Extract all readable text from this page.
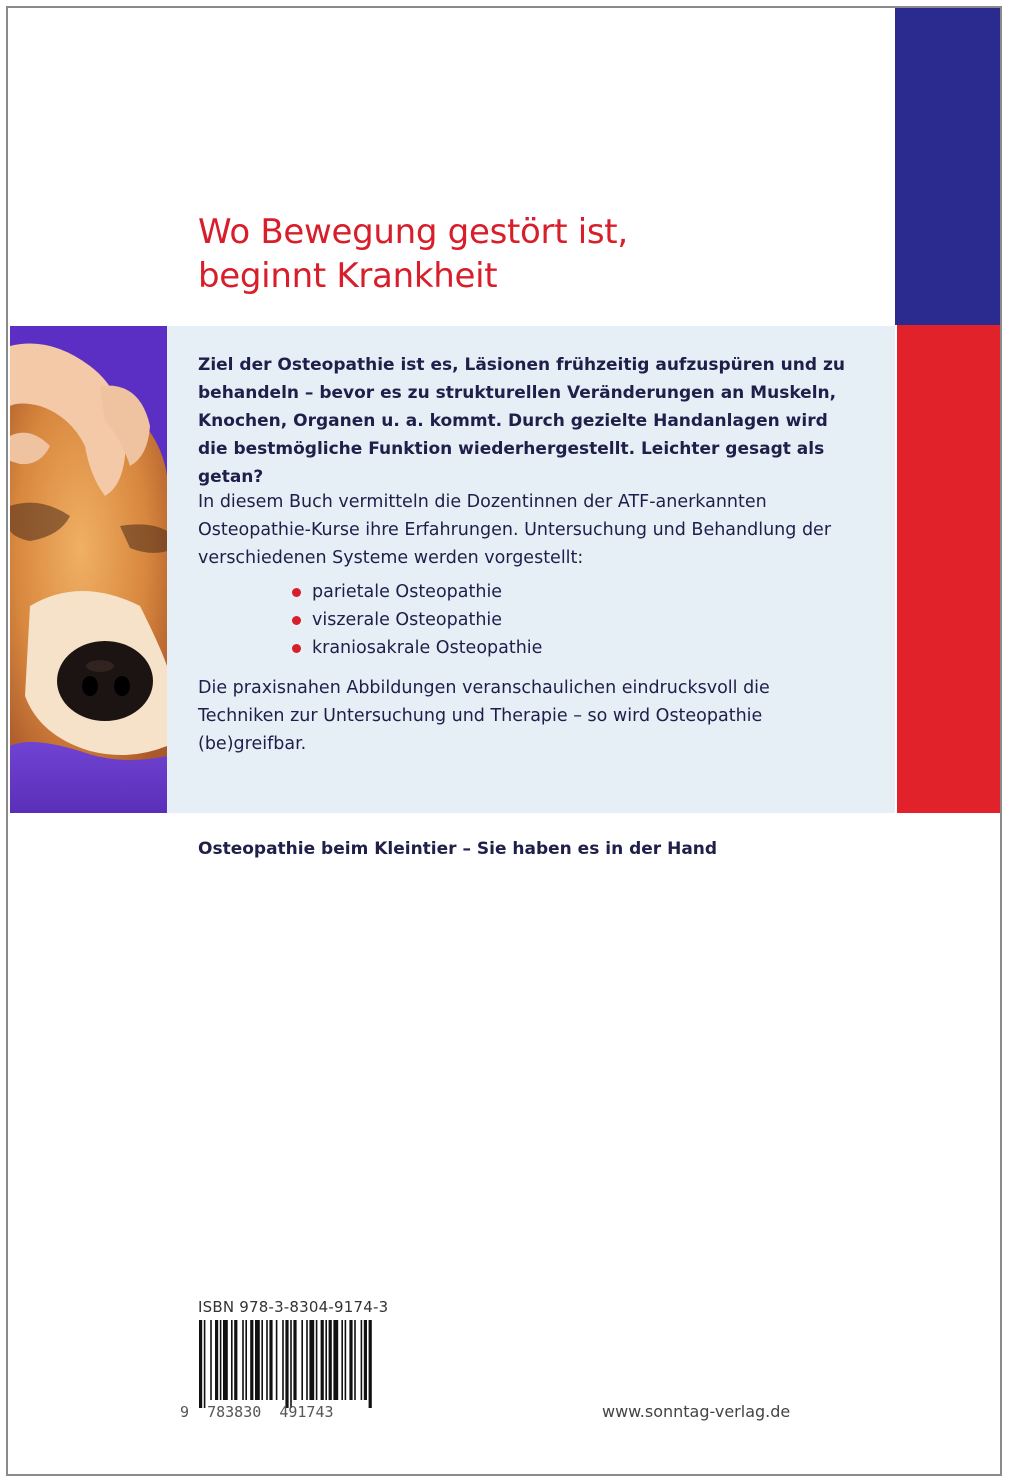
Wo Bewegung gestört ist,
beginnt Krankheit

Ziel der Osteopathie ist es, Läsionen frühzeitig aufzuspüren und zu behandeln – bevor es zu strukturellen Veränderungen an Muskeln, Knochen, Organen u. a. kommt. Durch gezielte Handanlagen wird die bestmögliche Funktion wiederhergestellt. Leichter gesagt als getan?

In diesem Buch vermitteln die Dozentinnen der ATF-anerkannten Osteopathie-Kurse ihre Erfahrungen. Untersuchung und Behandlung der verschiedenen Systeme werden vorgestellt:

parietale Osteopathie
viszerale Osteopathie
kraniosakrale Osteopathie

Die praxisnahen Abbildungen veranschaulichen eindrucksvoll die Techniken zur Untersuchung und Therapie – so wird Osteopathie (be)greifbar.

Osteopathie beim Kleintier – Sie haben es in der Hand

ISBN 978-3-8304-9174-3
9  783830  491743	www.sonntag-verlag.de
